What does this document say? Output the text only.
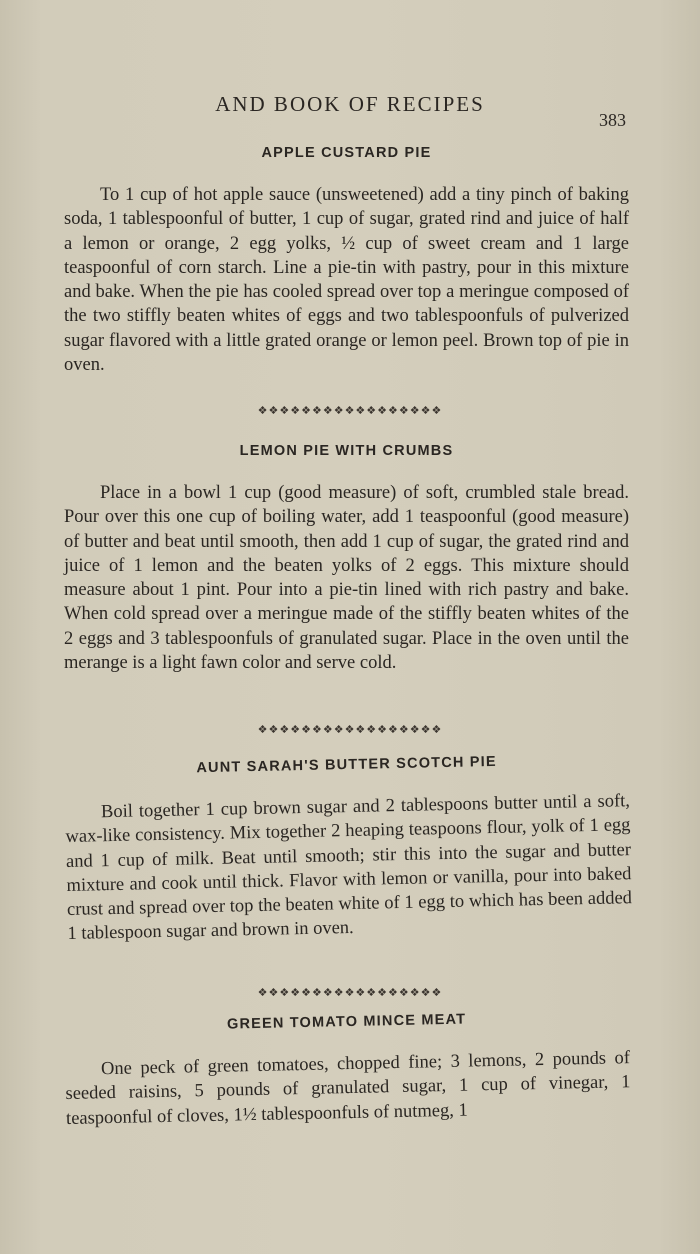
AND BOOK OF RECIPES
383
APPLE CUSTARD PIE

To 1 cup of hot apple sauce (unsweetened) add a tiny pinch of baking soda, 1 tablespoonful of butter, 1 cup of sugar, grated rind and juice of half a lemon or orange, 2 egg yolks, ½ cup of sweet cream and 1 large teaspoonful of corn starch. Line a pie-tin with pastry, pour in this mixture and bake. When the pie has cooled spread over top a meringue composed of the two stiffly beaten whites of eggs and two tablespoonfuls of pulverized sugar flavored with a little grated orange or lemon peel. Brown top of pie in oven.

❖❖❖❖❖❖❖❖❖❖❖❖❖❖❖❖❖
LEMON PIE WITH CRUMBS

Place in a bowl 1 cup (good measure) of soft, crumbled stale bread. Pour over this one cup of boiling water, add 1 teaspoonful (good measure) of butter and beat until smooth, then add 1 cup of sugar, the grated rind and juice of 1 lemon and the beaten yolks of 2 eggs. This mixture should measure about 1 pint. Pour into a pie-tin lined with rich pastry and bake. When cold spread over a meringue made of the stiffly beaten whites of the 2 eggs and 3 tablespoonfuls of granulated sugar. Place in the oven until the merange is a light fawn color and serve cold.

❖❖❖❖❖❖❖❖❖❖❖❖❖❖❖❖❖
AUNT SARAH'S BUTTER SCOTCH PIE

Boil together 1 cup brown sugar and 2 tablespoons butter until a soft, wax-like consistency. Mix together 2 heaping teaspoons flour, yolk of 1 egg and 1 cup of milk. Beat until smooth; stir this into the sugar and butter mixture and cook until thick. Flavor with lemon or vanilla, pour into baked crust and spread over top the beaten white of 1 egg to which has been added 1 tablespoon sugar and brown in oven.

❖❖❖❖❖❖❖❖❖❖❖❖❖❖❖❖❖
GREEN TOMATO MINCE MEAT

One peck of green tomatoes, chopped fine; 3 lemons, 2 pounds of seeded raisins, 5 pounds of granulated sugar, 1 cup of vinegar, 1 teaspoonful of cloves, 1½ tablespoonfuls of nutmeg, 1
